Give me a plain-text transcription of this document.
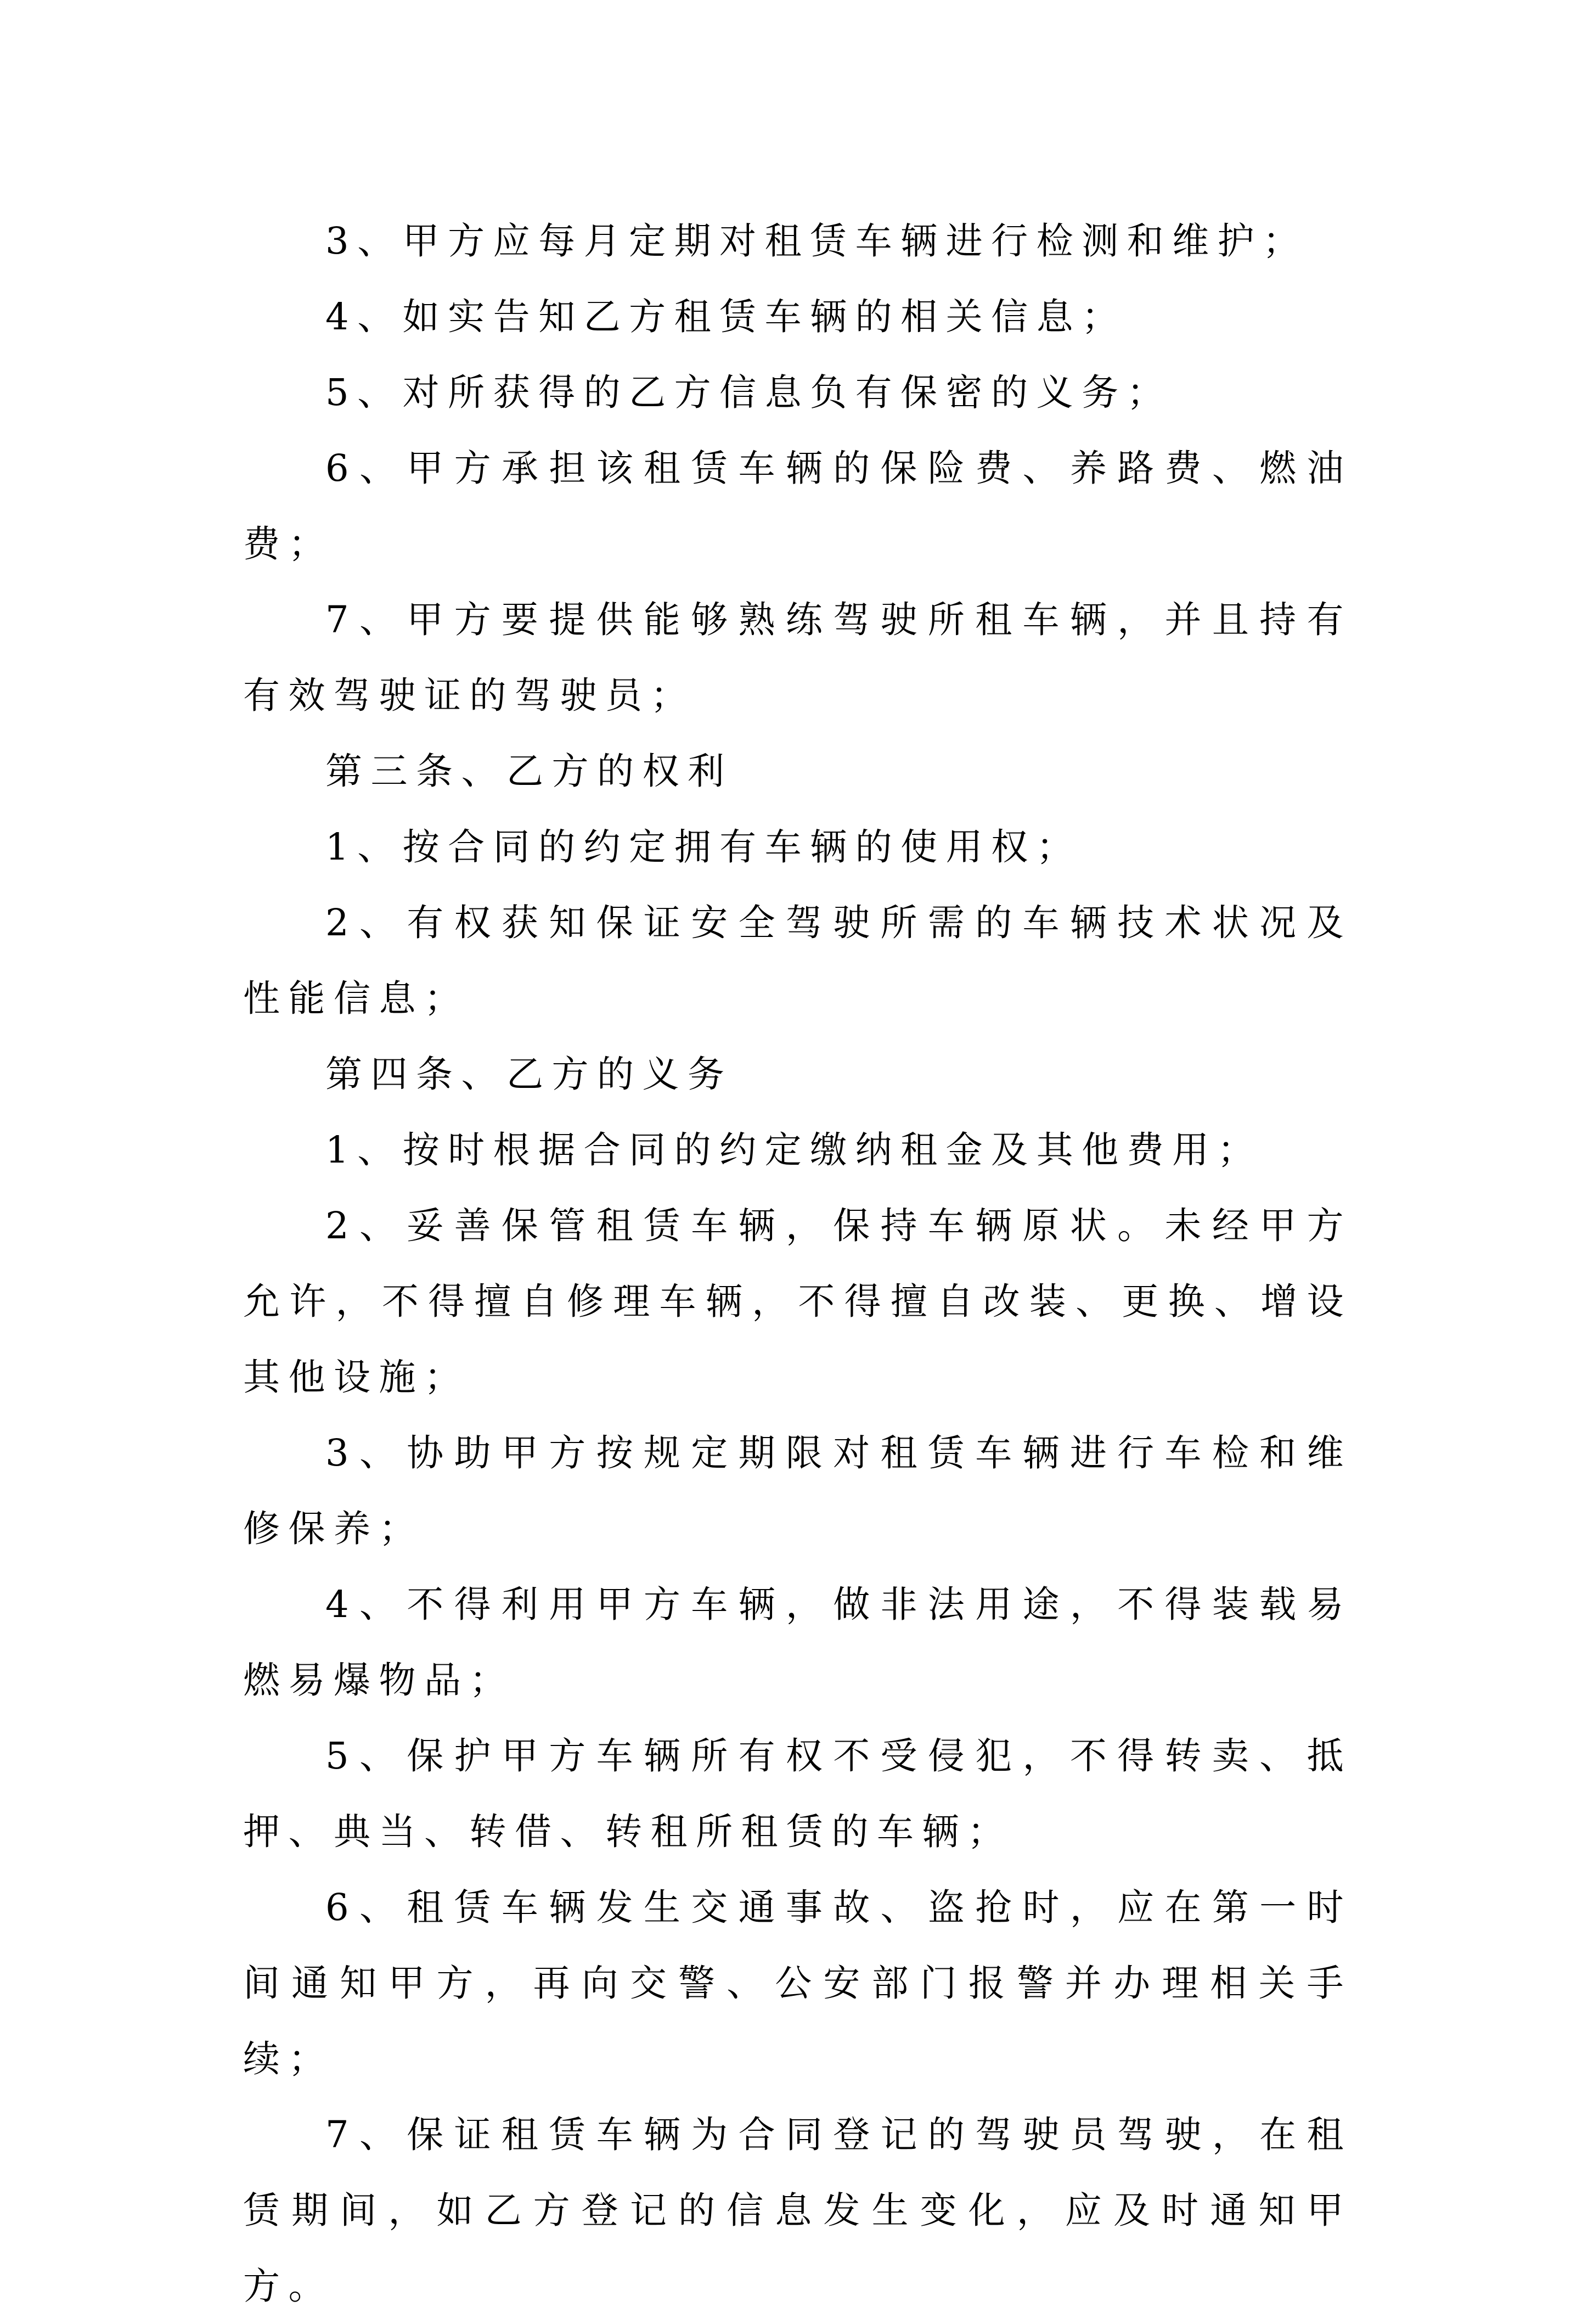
3、甲方应每月定期对租赁车辆进行检测和维护；

4、如实告知乙方租赁车辆的相关信息；

5、对所获得的乙方信息负有保密的义务；

6、甲方承担该租赁车辆的保险费、养路费、燃油费；

7、甲方要提供能够熟练驾驶所租车辆，并且持有有效驾驶证的驾驶员；

第三条、乙方的权利

1、按合同的约定拥有车辆的使用权；

2、有权获知保证安全驾驶所需的车辆技术状况及性能信息；

第四条、乙方的义务

1、按时根据合同的约定缴纳租金及其他费用；

2、妥善保管租赁车辆，保持车辆原状。未经甲方允许，不得擅自修理车辆，不得擅自改装、更换、增设其他设施；

3、协助甲方按规定期限对租赁车辆进行车检和维修保养；

4、不得利用甲方车辆，做非法用途，不得装载易燃易爆物品；

5、保护甲方车辆所有权不受侵犯，不得转卖、抵押、典当、转借、转租所租赁的车辆；

6、租赁车辆发生交通事故、盗抢时，应在第一时间通知甲方，再向交警、公安部门报警并办理相关手续；

7、保证租赁车辆为合同登记的驾驶员驾驶，在租赁期间，如乙方登记的信息发生变化，应及时通知甲方。
